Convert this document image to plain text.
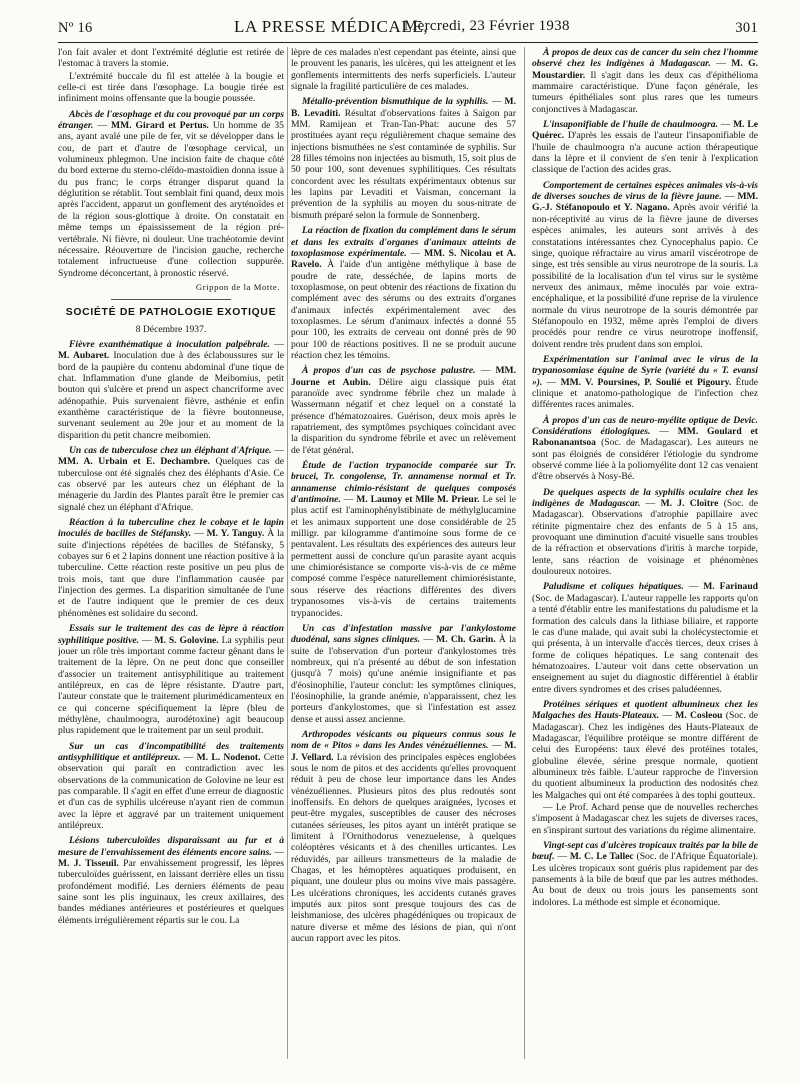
Nº 16	LA PRESSE MÉDICALE,
Mercredi, 23 Février 1938	301

l'on fait avaler et dont l'extrémité déglutie est retirée de l'estomac à travers la stomie.

L'extrémité buccale du fil est attelée à la bougie et celle-ci est tirée dans l'œsophage. La bougie tirée est infiniment moins offensante que la bougie poussée.

Abcès de l'œsophage et du cou provoqué par un corps étranger. — MM. Girard et Pertus. Un homme de 35 ans, ayant avalé une pile de fer, vit se développer dans le cou, de part et d'autre de l'œsophage cervical, un volumineux phlegmon. Une incision faite de chaque côté du bord externe du sterno-cléïdo-mastoïdien donna issue à du pus franc; le corps étranger disparut quand la déglutition se rétablit. Tout semblait fini quand, deux mois après l'accident, apparut un gonflement des aryténoïdes et de la région sous-glottique à droite. On constatait en même temps un épaississement de la région pré-vertébrale. Ni fièvre, ni douleur. Une trachéotomie devint nécessaire. Réouverture de l'incision gauche, recherche totalement infructueuse d'une collection suppurée. Syndrome déconcertant, à pronostic réservé.

Grippon de la Motte.

SOCIÉTÉ DE PATHOLOGIE EXOTIQUE

8 Décembre 1937.

Fièvre exanthématique à inoculation palpébrale. — M. Aubaret. Inoculation due à des éclaboussures sur le bord de la paupière du contenu abdominal d'une tique de chat. Inflammation d'une glande de Meibomius, petit bouton qui s'ulcère et prend un aspect chancriforme avec adénopathie. Puis survenaient fièvre, asthénie et enfin exanthème caractéristique de la fièvre boutonneuse, survenant seulement au 20e jour et au moment de la disparition du petit chancre meibomien.

Un cas de tuberculose chez un éléphant d'Afrique. — MM. A. Urbain et E. Dechambre. Quelques cas de tuberculose ont été signalés chez des éléphants d'Asie. Ce cas observé par les auteurs chez un éléphant de la ménagerie du Jardin des Plantes paraît être le premier cas signalé chez un éléphant d'Afrique.

Réaction à la tuberculine chez le cobaye et le lapin inoculés de bacilles de Stéfansky. — M. Y. Tanguy. À la suite d'injections répétées de bacilles de Stéfansky, 5 cobayes sur 6 et 2 lapins donnent une réaction positive à la tuberculine. Cette réaction reste positive un peu plus de trois mois, tant que dure l'inflammation causée par l'injection des germes. La disparition simultanée de l'une et de l'autre indiquent que le premier de ces deux phénomènes est solidaire du second.

Essais sur le traitement des cas de lèpre à réaction syphilitique positive. — M. S. Golovine. La syphilis peut jouer un rôle très important comme facteur gênant dans le traitement de la lèpre. On ne peut donc que conseiller d'associer un traitement antisyphilitique au traitement antilépreux, en cas de lèpre résistante. D'autre part, l'auteur constate que le traitement plurimédicamenteux en ce qui concerne spécifiquement la lèpre (bleu de méthylène, chaulmoogra, aurodétoxine) agit beaucoup plus rapidement que le traitement par un seul produit.

Sur un cas d'incompatibilité des traitements antisyphilitique et antilépreux. — M. L. Nodenot. Cette observation qui paraît en contradiction avec les observations de la communication de Golovine ne leur est pas comparable. Il s'agit en effet d'une erreur de diagnostic et d'un cas de syphilis ulcéreuse n'ayant rien de commun avec la lèpre et aggravé par un traitement uniquement antilépreux.

Lésions tuberculoïdes disparaissant au fur et à mesure de l'envahissement des éléments encore sains. — M. J. Tisseuil. Par envahissement progressif, les lèpres tuberculoïdes guérissent, en laissant derrière elles un tissu profondément modifié. Les derniers éléments de peau saine sont les plis inguinaux, les creux axillaires, des bandes médianes antérieures et postérieures et quelques éléments irrégulièrement répartis sur le cou. La

lèpre de ces malades n'est cependant pas éteinte, ainsi que le prouvent les panaris, les ulcères, qui les atteignent et les gonflements intermittents des nerfs superficiels. L'auteur signale la fragilité particulière de ces malades.

Métallo-prévention bismuthique de la syphilis. — M. B. Levaditi. Résultat d'observations faites à Saïgon par MM. Ramijean et Tran-Tan-Phat: aucune des 57 prostituées ayant reçu régulièrement chaque semaine des injections bismuthées ne s'est contaminée de syphilis. Sur 28 filles témoins non injectées au bismuth, 15, soit plus de 50 pour 100, sont devenues syphilitiques. Ces résultats concordent avec les résultats expérimentaux obtenus sur les lapins par Levaditi et Vaisman, concernant la prévention de la syphilis au moyen du sous-nitrate de bismuth préparé selon la formule de Sonnenberg.

La réaction de fixation du complément dans le sérum et dans les extraits d'organes d'animaux atteints de toxoplasmose expérimentale. — MM. S. Nicolau et A. Ravelo. À l'aide d'un antigène méthylique à base de poudre de rate, desséchée, de lapins morts de toxoplasmose, on peut obtenir des réactions de fixation du complément avec des sérums ou des extraits d'organes d'animaux infectés expérimentalement avec des toxoplasmes. Le sérum d'animaux infectés a donné 55 pour 100, les extraits de cerveau ont donné près de 90 pour 100 de réactions positives. Il ne se produit aucune réaction chez les témoins.

À propos d'un cas de psychose palustre. — MM. Journe et Aubin. Délire aigu classique puis état paranoïde avec syndrome fébrile chez un malade à Wassermann négatif et chez lequel on a constaté la présence d'hématozoaires. Guérison, deux mois après le rapatriement, des symptômes psychiques coïncidant avec la disparition du syndrome fébrile et avec un relèvement de l'état général.

Étude de l'action trypanocide comparée sur Tr. brucei, Tr. congolense, Tr. annamense normal et Tr. annamense chimio-résistant de quelques composés d'antimoine. — M. Launoy et Mlle M. Prieur. Le sel le plus actif est l'aminophénylstibinate de méthylglucamine et les animaux supportent une dose considérable de 25 milligr. par kilogramme d'antimoine sous forme de ce pentavalent. Les résultats des expériences des auteurs leur permettent aussi de conclure qu'un parasite ayant acquis une chimiorésistance se comporte vis-à-vis de ce même composé comme l'espèce naturellement chimiorésistante, sous réserve des réactions différentes des divers trypanosomes vis-à-vis de certains traitements trypanocides.

Un cas d'infestation massive par l'ankylostome duodénal, sans signes cliniques. — M. Ch. Garin. À la suite de l'observation d'un porteur d'ankylostomes très nombreux, qui n'a présenté au début de son infestation (jusqu'à 7 mois) qu'une anémie insignifiante et pas d'éosinophilie, l'auteur conclut: les symptômes cliniques, l'éosinophilie, la grande anémie, n'apparaissent, chez les porteurs d'ankylostomes, que si l'infestation est assez dense et aussi assez ancienne.

Arthropodes vésicants ou piqueurs connus sous le nom de « Pitos » dans les Andes vénézuéliennes. — M. J. Vellard. La révision des principales espèces englobées sous le nom de pitos et des accidents qu'elles provoquent réduit à peu de chose leur importance dans les Andes vénézuéliennes. Plusieurs pitos des plus redoutés sont inoffensifs. En dehors de quelques araignées, lycoses et peut-être mygales, susceptibles de causer des nécroses cutanées sérieuses, les pitos ayant un intérêt pratique se limitent à l'Ornithodorus venezuelense, à quelques coléoptères vésicants et à des chenilles urticantes. Les réduvidés, par ailleurs transmetteurs de la maladie de Chagas, et les hémoptères aquatiques produisent, en piquant, une douleur plus ou moins vive mais passagère. Les ulcérations chroniques, les accidents cutanés graves imputés aux pitos sont presque toujours des cas de leishmaniose, des ulcères phagédéniques ou tropicaux de nature diverse et même des lésions de pian, qui n'ont aucun rapport avec les pitos.

À propos de deux cas de cancer du sein chez l'homme observé chez les indigènes à Madagascar. — M. G. Moustardier. Il s'agit dans les deux cas d'épithélioma mammaire caractéristique. D'une façon générale, les tumeurs épithéliales sont plus rares que les tumeurs conjonctives à Madagascar.

L'insaponifiable de l'huile de chaulmoogra. — M. Le Quérec. D'après les essais de l'auteur l'insaponifiable de l'huile de chaulmoogra n'a aucune action thérapeutique dans la lèpre et il convient de s'en tenir à l'explication classique de l'action des acides gras.

Comportement de certaines espèces animales vis-à-vis de diverses souches de virus de la fièvre jaune. — MM. G.-J. Stéfanopoulo et Y. Nagano. Après avoir vérifié la non-réceptivité au virus de la fièvre jaune de diverses espèces animales, les auteurs sont arrivés à des constatations intéressantes chez Cynocephalus papio. Ce singe, quoique réfractaire au virus amaril viscérotrope de singe, est très sensible au virus neurotrope de la souris. La possibilité de la localisation d'un tel virus sur le système nerveux des animaux, même inoculés par voie extra-encéphalique, et la possibilité d'une reprise de la virulence normale du virus neurotrope de la souris démontrée par Stéfanopoulo en 1932, même après l'emploi de divers procédés pour rendre ce virus neurotrope inoffensif, doivent rendre très prudent dans son emploi.

Expérimentation sur l'animal avec le virus de la trypanosomiase équine de Syrie (variété du « T. evansi »). — MM. V. Poursines, P. Soulié et Pigoury. Étude clinique et anatomo-pathologique de l'infection chez différentes races animales.

À propos d'un cas de neuro-myélite optique de Devic. Considérations étiologiques. — MM. Goulard et Rabonanantsoa (Soc. de Madagascar). Les auteurs ne sont pas éloignés de considérer l'étiologie du syndrome observé comme liée à la poliomyélite dont 12 cas venaient d'être observés à Nosy-Bé.

De quelques aspects de la syphilis oculaire chez les indigènes de Madagascar. — M. J. Cloître (Soc. de Madagascar). Observations d'atrophie papillaire avec rétinite pigmentaire chez des enfants de 5 à 15 ans, provoquant une diminution d'acuité visuelle sans troubles de la réfraction et observations d'iritis à marche torpide, lente, sans réaction de voisinage et phénomènes douloureux notoires.

Paludisme et coliques hépatiques. — M. Farinaud (Soc. de Madagascar). L'auteur rappelle les rapports qu'on a tenté d'établir entre les manifestations du paludisme et la formation des calculs dans la lithiase biliaire, et rapporte le cas d'une malade, qui avait subi la cholécystectomie et qui présenta, à un intervalle d'accès tierces, deux crises à forme de coliques hépatiques. Le sang contenait des hématozoaires. L'auteur voit dans cette observation un enseignement au sujet du diagnostic différentiel à établir entre divers syndromes et des crises paludéennes.

Protéines sériques et quotient albumineux chez les Malgaches des Hauts-Plateaux. — M. Cosleou (Soc. de Madagascar). Chez les indigènes des Hauts-Plateaux de Madagascar, l'équilibre protéique se montre différent de celui des Européens: taux élevé des protéines totales, globuline élevée, sérine presque normale, quotient albumineux très faible. L'auteur rapproche de l'inversion du quotient albumineux la production des nodosités chez les Malgaches qui ont été comparées à des tophi goutteux.

— Le Prof. Achard pense que de nouvelles recherches s'imposent à Madagascar chez les sujets de diverses races, en s'inspirant surtout des variations du régime alimentaire.

Vingt-sept cas d'ulcères tropicaux traités par la bile de bœuf. — M. C. Le Tallec (Soc. de l'Afrique Équatoriale). Les ulcères tropicaux sont guéris plus rapidement par des pansements à la bile de bœuf que par les autres méthodes. Au bout de deux ou trois jours les pansements sont indolores. La méthode est simple et économique.
